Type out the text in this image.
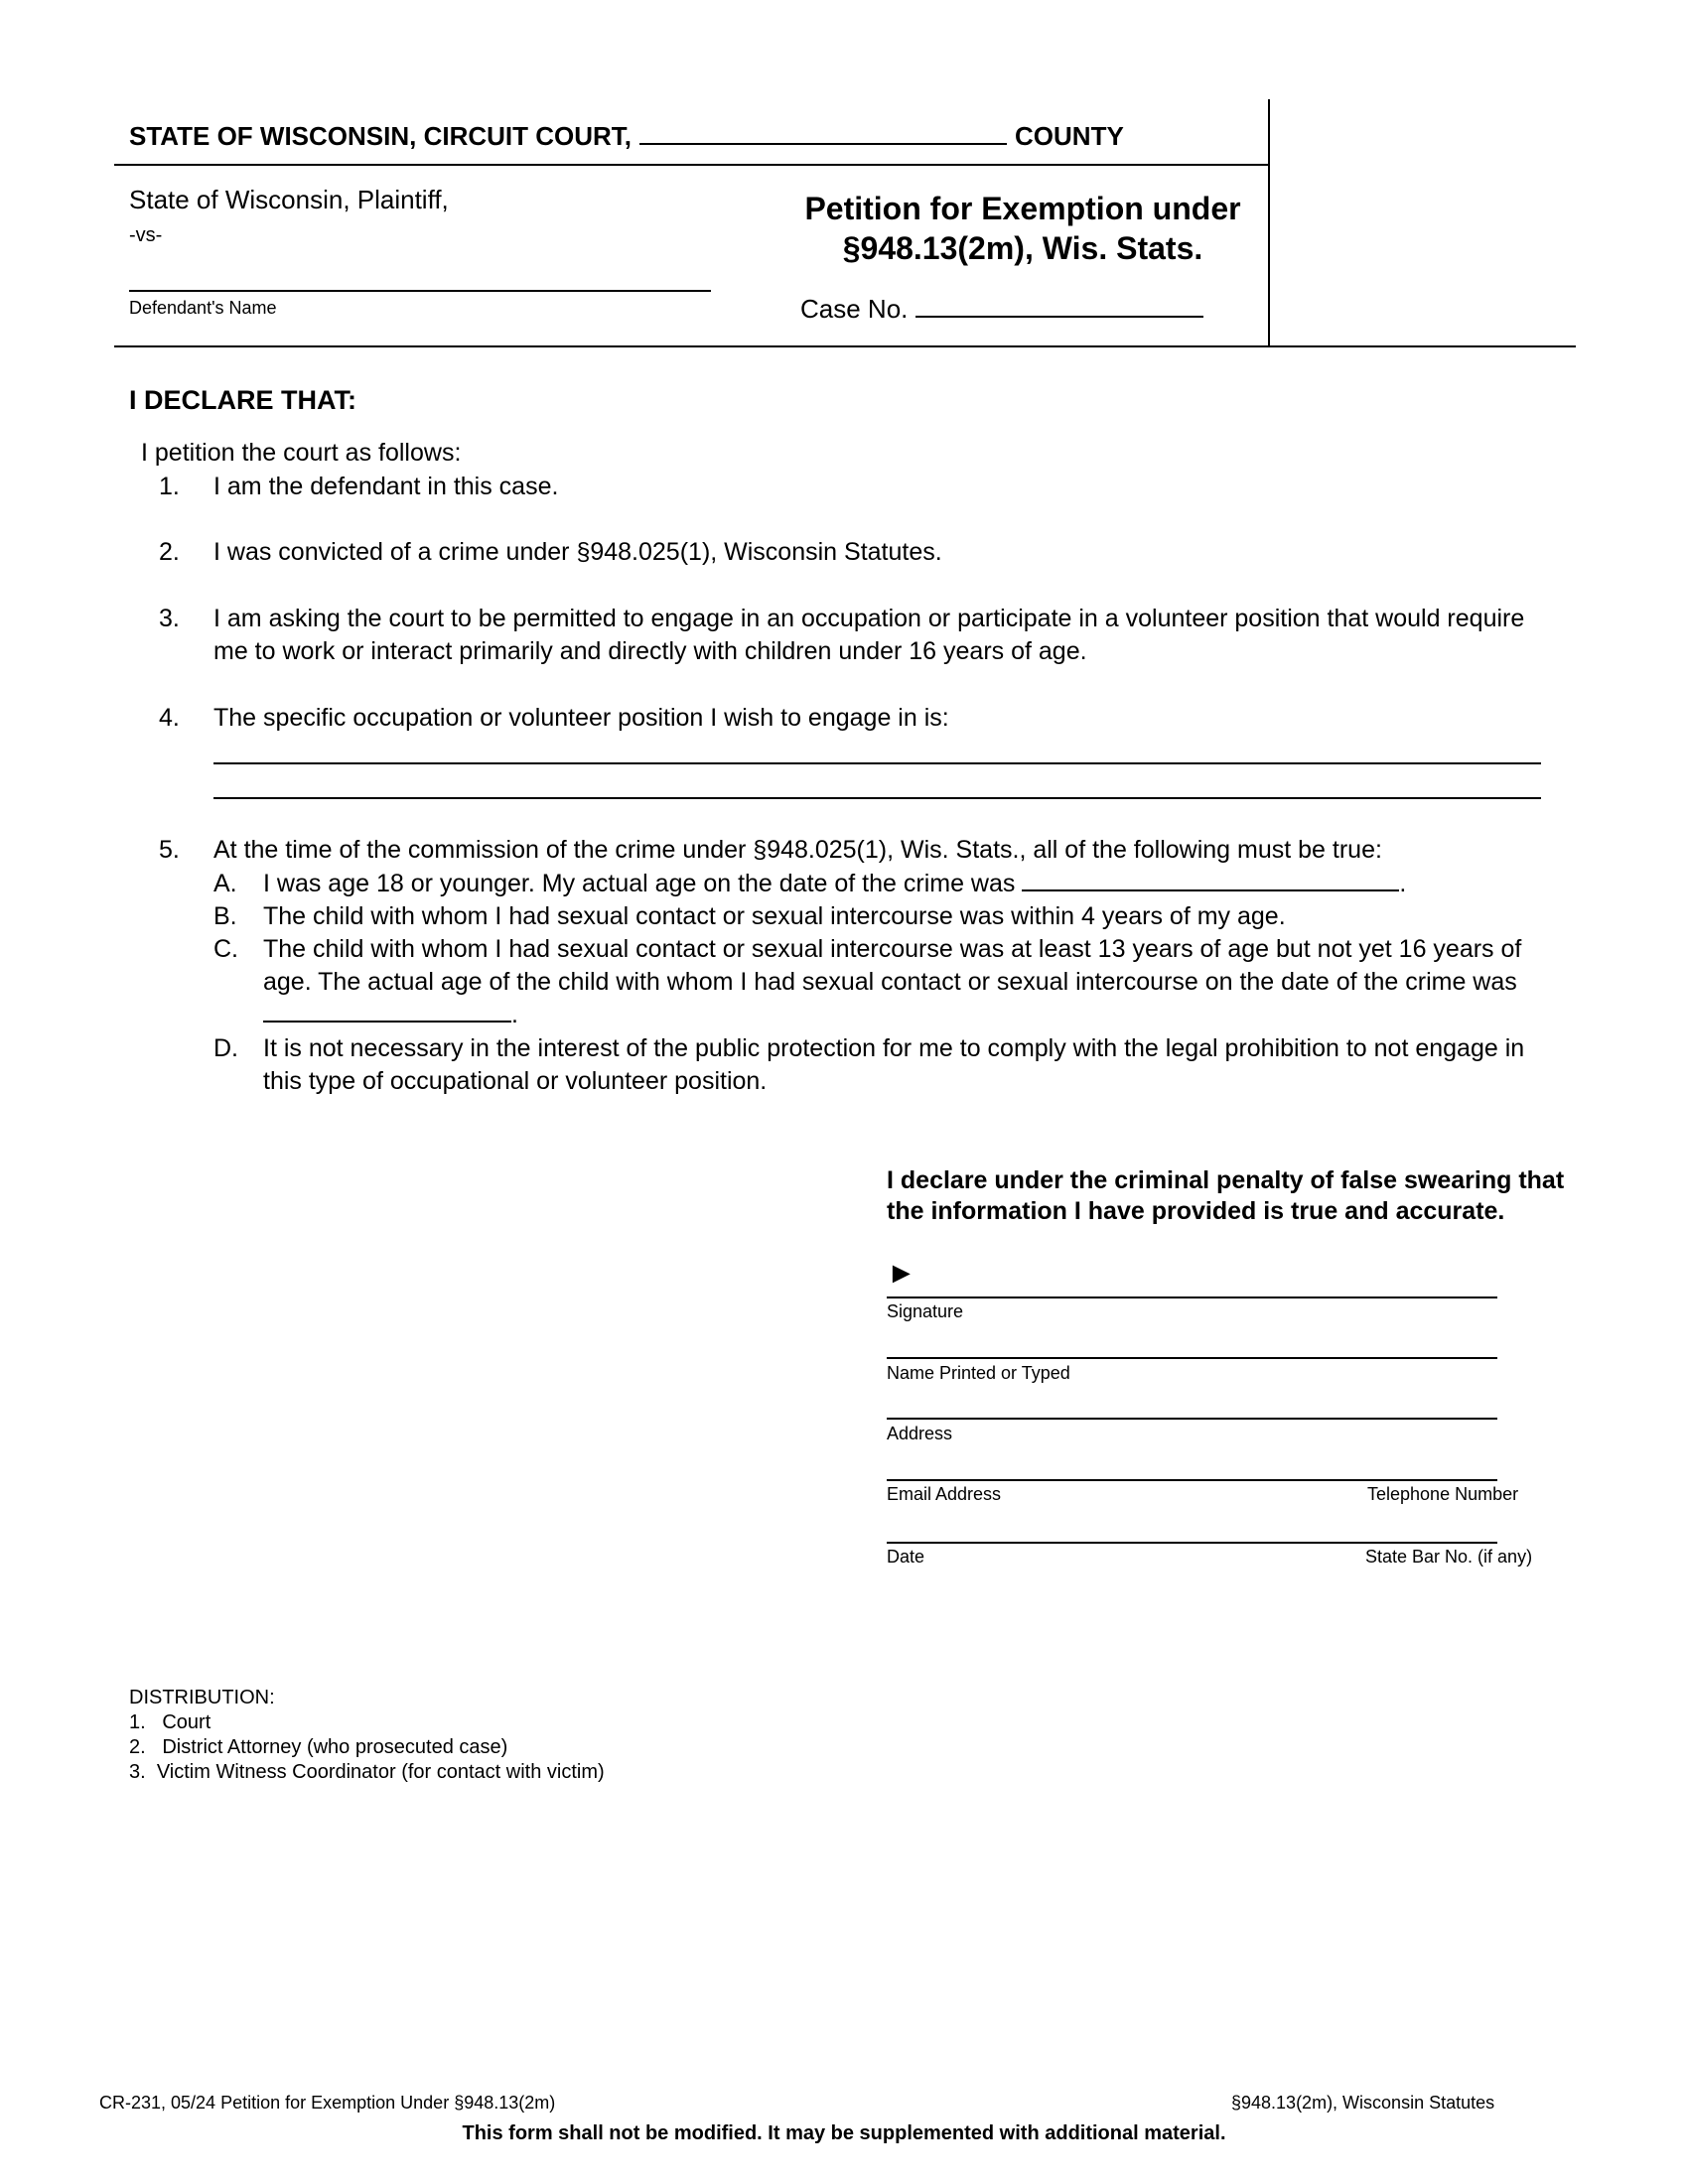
STATE OF WISCONSIN, CIRCUIT COURT,	COUNTY
State of Wisconsin, Plaintiff,
-vs-
Defendant's Name
Petition for Exemption under
§948.13(2m), Wis. Stats.
Case No.
I DECLARE THAT:
I petition the court as follows:
1.	I am the defendant in this case.
2.	I was convicted of a crime under §948.025(1), Wisconsin Statutes.
3.	I am asking the court to be permitted to engage in an occupation or participate in a volunteer position that would require me to work or interact primarily and directly with children under 16 years of age.
4.	The specific occupation or volunteer position I wish to engage in is:
5.	At the time of the commission of the crime under §948.025(1), Wis. Stats., all of the following must be true:
A.	I was age 18 or younger. My actual age on the date of the crime was	.
B.	The child with whom I had sexual contact or sexual intercourse was within 4 years of my age.
C.	The child with whom I had sexual contact or sexual intercourse was at least 13 years of age but not yet 16 years of age. The actual age of the child with whom I had sexual contact or sexual intercourse on the date of the crime was .
D.	It is not necessary in the interest of the public protection for me to comply with the legal prohibition to not engage in this type of occupational or volunteer position.
I declare under the criminal penalty of false swearing that the information I have provided is true and accurate.
►
Signature
Name Printed or Typed
Address
Email Address	Telephone Number
Date	State Bar No. (if any)
DISTRIBUTION:
1. Court
2. District Attorney (who prosecuted case)
3. Victim Witness Coordinator (for contact with victim)
CR-231, 05/24 Petition for Exemption Under §948.13(2m)	§948.13(2m), Wisconsin Statutes
This form shall not be modified. It may be supplemented with additional material.
